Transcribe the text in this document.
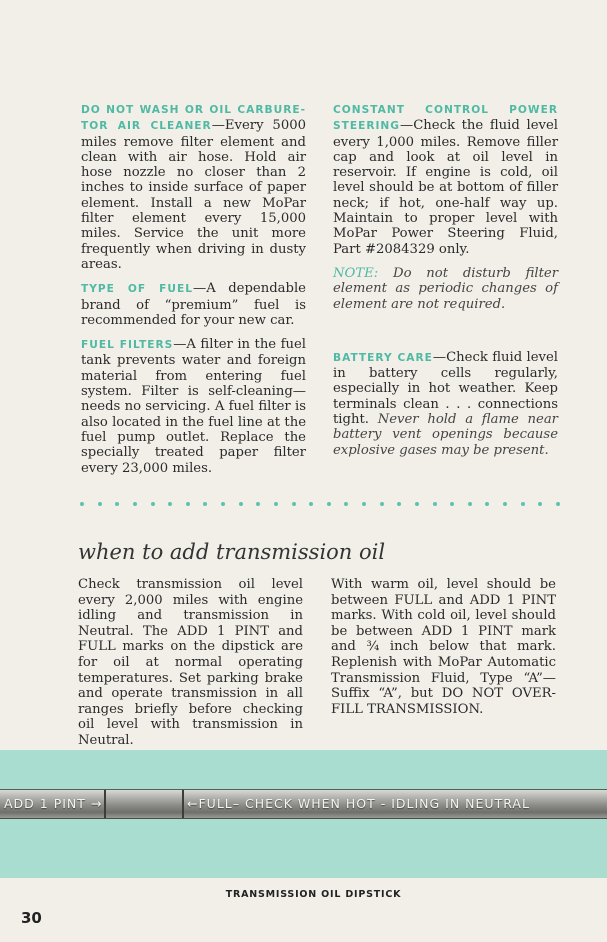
DO NOT WASH OR OIL CARBURE-TOR AIR CLEANER—Every 5000 miles remove filter element and clean with air hose. Hold air hose nozzle no closer than 2 inches to inside surface of paper element. Install a new MoPar filter element every 15,000 miles. Service the unit more frequently when driving in dusty areas.

TYPE OF FUEL—A dependable brand of “premium” fuel is recommended for your new car.

FUEL FILTERS—A filter in the fuel tank prevents water and foreign material from entering fuel system. Filter is self-cleaning—needs no servicing. A fuel filter is also located in the fuel line at the fuel pump outlet. Replace the specially treated paper filter every 23,000 miles.

CONSTANT CONTROL POWER STEERING—Check the fluid level every 1,000 miles. Remove filler cap and look at oil level in reservoir. If engine is cold, oil level should be at bottom of filler neck; if hot, one-half way up. Maintain to proper level with MoPar Power Steering Fluid, Part #2084329 only.

NOTE: Do not disturb filter element as periodic changes of element are not required.

BATTERY CARE—Check fluid level in battery cells regularly, especially in hot weather. Keep terminals clean . . . connections tight. Never hold a flame near battery vent openings because explosive gases may be present.

when to add transmission oil
Check transmission oil level every 2,000 miles with engine idling and transmission in Neutral. The ADD 1 PINT and FULL marks on the dipstick are for oil at normal operating temperatures. Set parking brake and operate transmission in all ranges briefly before checking oil level with transmission in Neutral.
With warm oil, level should be between FULL and ADD 1 PINT marks. With cold oil, level should be between ADD 1 PINT mark and ¾ inch below that mark. Replenish with MoPar Automatic Transmission Fluid, Type “A”—Suffix “A”, but DO NOT OVER-FILL TRANSMISSION.
ADD 1 PINT →	←FULL– CHECK WHEN HOT - IDLING IN NEUTRAL
TRANSMISSION OIL DIPSTICK
30
